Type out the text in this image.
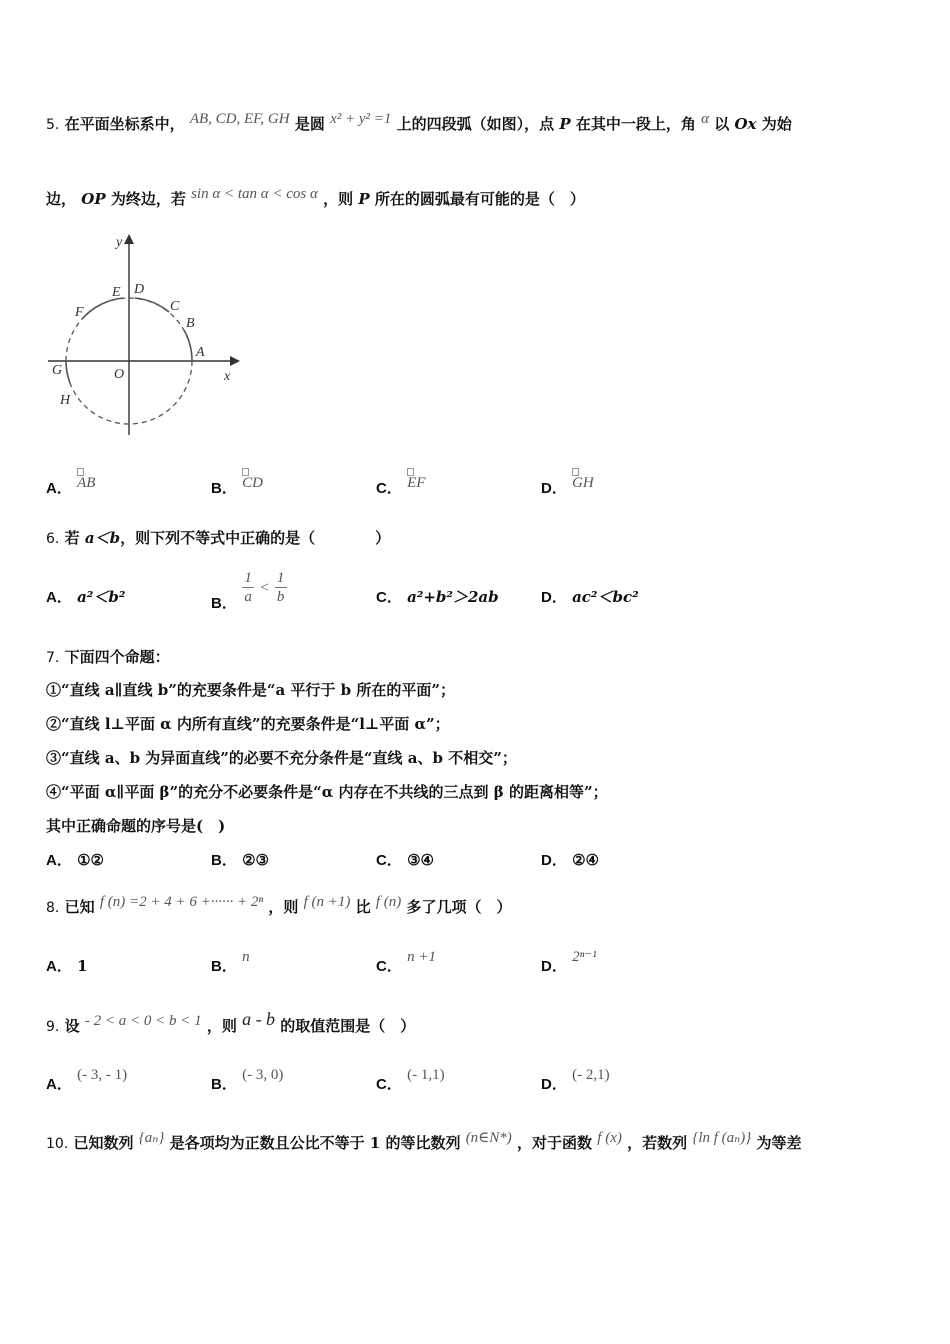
5. 在平面坐标系中， AB, CD, EF, GH 是圆 x² + y² =1 上的四段弧（如图），点 P 在其中一段上，角 α 以 Ox 为始
边， OP 为终边，若 sin α < tan α < cos α ，则 P 所在的圆弧最有可能的是（　）
y
x
O
A
B
C
D
E
F
G
H
A． AB	B． CD	C． EF	D． GH
6. 若 a＜b，则下列不等式中正确的是（　　　　）
A． a²＜b²	B． $\frac{1}{a} < \frac{1}{b}$	C． a²+b²＞2ab	D． ac²＜bc²
7. 下面四个命题：
①“直线 a∥直线 b”的充要条件是“a 平行于 b 所在的平面”；
②“直线 l⊥平面 α 内所有直线”的充要条件是“l⊥平面 α”；
③“直线 a、b 为异面直线”的必要不充分条件是“直线 a、b 不相交”；
④“平面 α∥平面 β”的充分不必要条件是“α 内存在不共线的三点到 β 的距离相等”；
其中正确命题的序号是(　)
A． ①②	B． ②③	C． ③④	D． ②④
8. 已知 f (n) =2 + 4 + 6 +······ + 2ⁿ ，则 f (n +1) 比 f (n) 多了几项（　）
A． 1	B． n
C． n +1
D． 2ⁿ⁻¹
9. 设 - 2 < a < 0 < b < 1 ，则 a - b 的取值范围是（　）
A． (- 3, - 1)
B． (- 3, 0)
C． (- 1,1)
D． (- 2,1)
10. 已知数列 {aₙ} 是各项均为正数且公比不等于 1 的等比数列 (n∈N*) ，对于函数 f (x) ，若数列 {ln f (aₙ)} 为等差
